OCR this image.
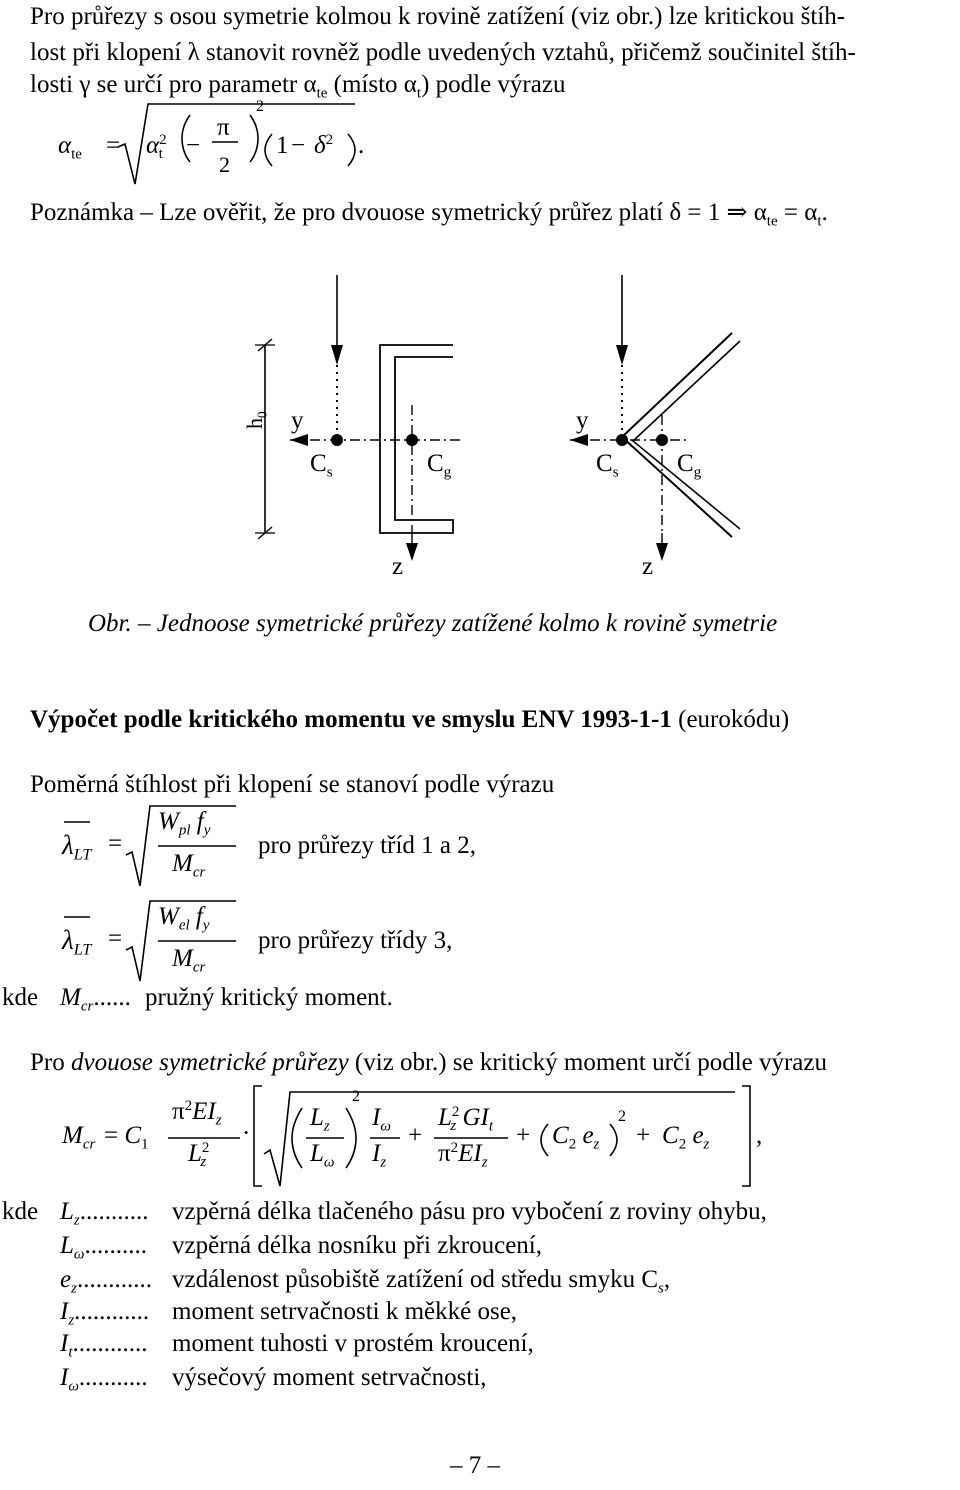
Pro průřezy s osou symetrie kolmou k rovině zatížení (viz obr.) lze kritickou štíh-
lost při klopení λ stanovit rovněž podle uvedených vztahů, přičemž součinitel štíh-
losti γ se určí pro parametr $\alpha_{te}$ (místo $\alpha_t$) podle výrazu
$\alpha_{te} = \alpha^2_t$ −
π
2
2
$1 - \delta^2$ .
Poznámka – Lze ověřit, že pro dvouose symetrický průřez platí δ = 1 ⇒ $\alpha_{te} = \alpha_t$.
$h_0$ y
$C_s$	$C_g$
z
y
$C_s$ $C_g$
z
Obr. – Jednoose symetrické průřezy zatížené kolmo k rovině symetrie
Výpočet podle kritického momentu ve smyslu ENV 1993-1-1 (eurokódu)
Poměrná štíhlost při klopení se stanoví podle výrazu
$\lambda_{LT}$ =
$W_{pl}$ $f_y$
$M_{cr}$
pro průřezy tříd 1 a 2,
$\lambda_{LT}$ =
$W_{el}$ $f_y$
$M_{cr}$
pro průřezy třídy 3,
kde $M_{cr}$...... pružný kritický moment.
Pro dvouose symetrické průřezy (viz obr.) se kritický moment určí podle výrazu
$M_{cr} = C_1$
$\pi^2EI_z$
$L^2_z$
·
$L_z$
$L_\omega$
2
$I_\omega$
$I_z$
+
$L^2_z$ $GI_t$
$\pi^2EI_z$
+ $C_2$ $e_z$
2
+ $C_2$ $e_z$ ,
kde $L_z$........... vzpěrná délka tlačeného pásu pro vybočení z roviny ohybu,
$L_\omega$.......... vzpěrná délka nosníku při zkroucení,
$e_z$............ vzdálenost působiště zatížení od středu smyku $C_s$,
$I_z$............ moment setrvačnosti k měkké ose,
$I_t$............ moment tuhosti v prostém kroucení,
$I_\omega$........... výsečový moment setrvačnosti,
– 7 –
